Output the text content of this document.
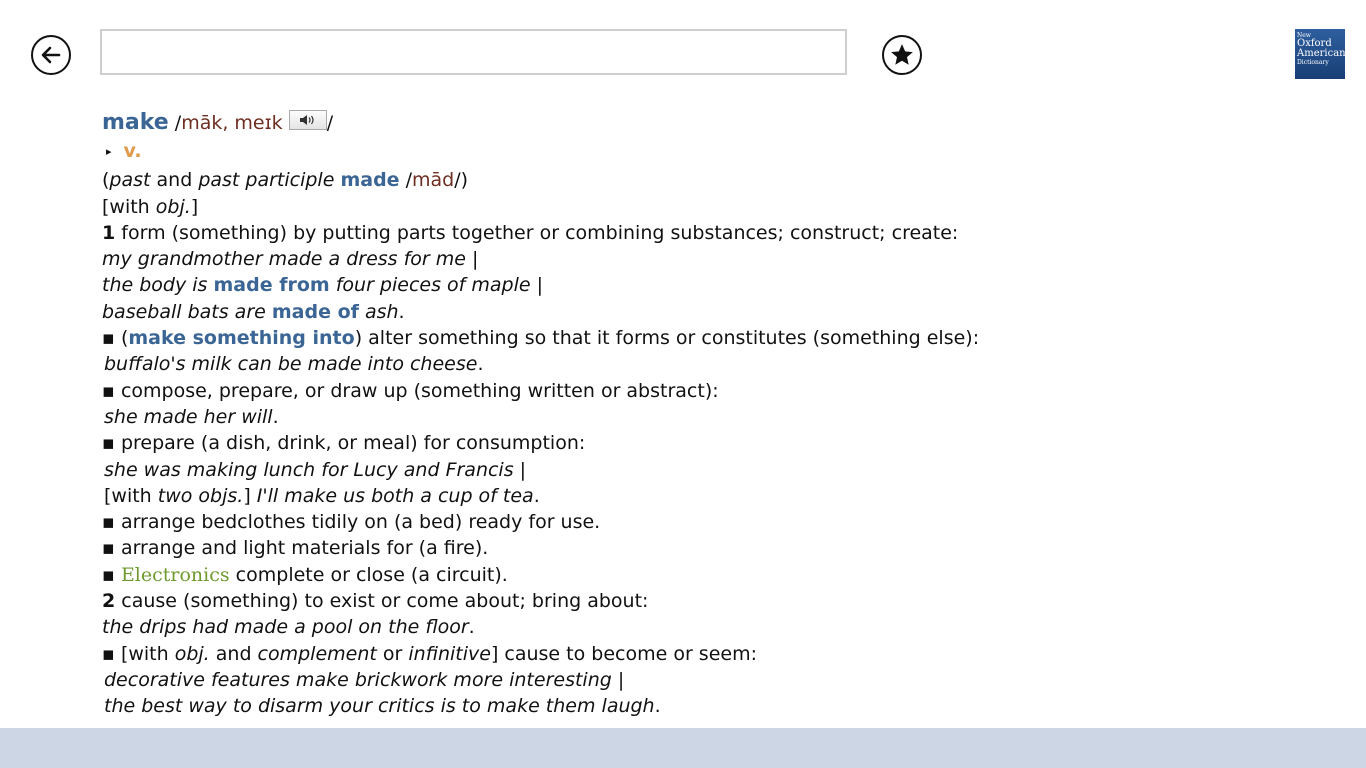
New
Oxford
American
Dictionary
make /māk, meɪk /
▸ v.
(past and past participle made /mād/)
[with obj.]
1 form (something) by putting parts together or combining substances; construct; create:
my grandmother made a dress for me |
the body is made from four pieces of maple |
baseball bats are made of ash.
▪ (make something into) alter something so that it forms or constitutes (something else):
buffalo's milk can be made into cheese.
▪ compose, prepare, or draw up (something written or abstract):
she made her will.
▪ prepare (a dish, drink, or meal) for consumption:
she was making lunch for Lucy and Francis |
[with two objs.] I'll make us both a cup of tea.
▪ arrange bedclothes tidily on (a bed) ready for use.
▪ arrange and light materials for (a fire).
▪ Electronics complete or close (a circuit).
2 cause (something) to exist or come about; bring about:
the drips had made a pool on the floor.
▪ [with obj. and complement or infinitive] cause to become or seem:
decorative features make brickwork more interesting |
the best way to disarm your critics is to make them laugh.
